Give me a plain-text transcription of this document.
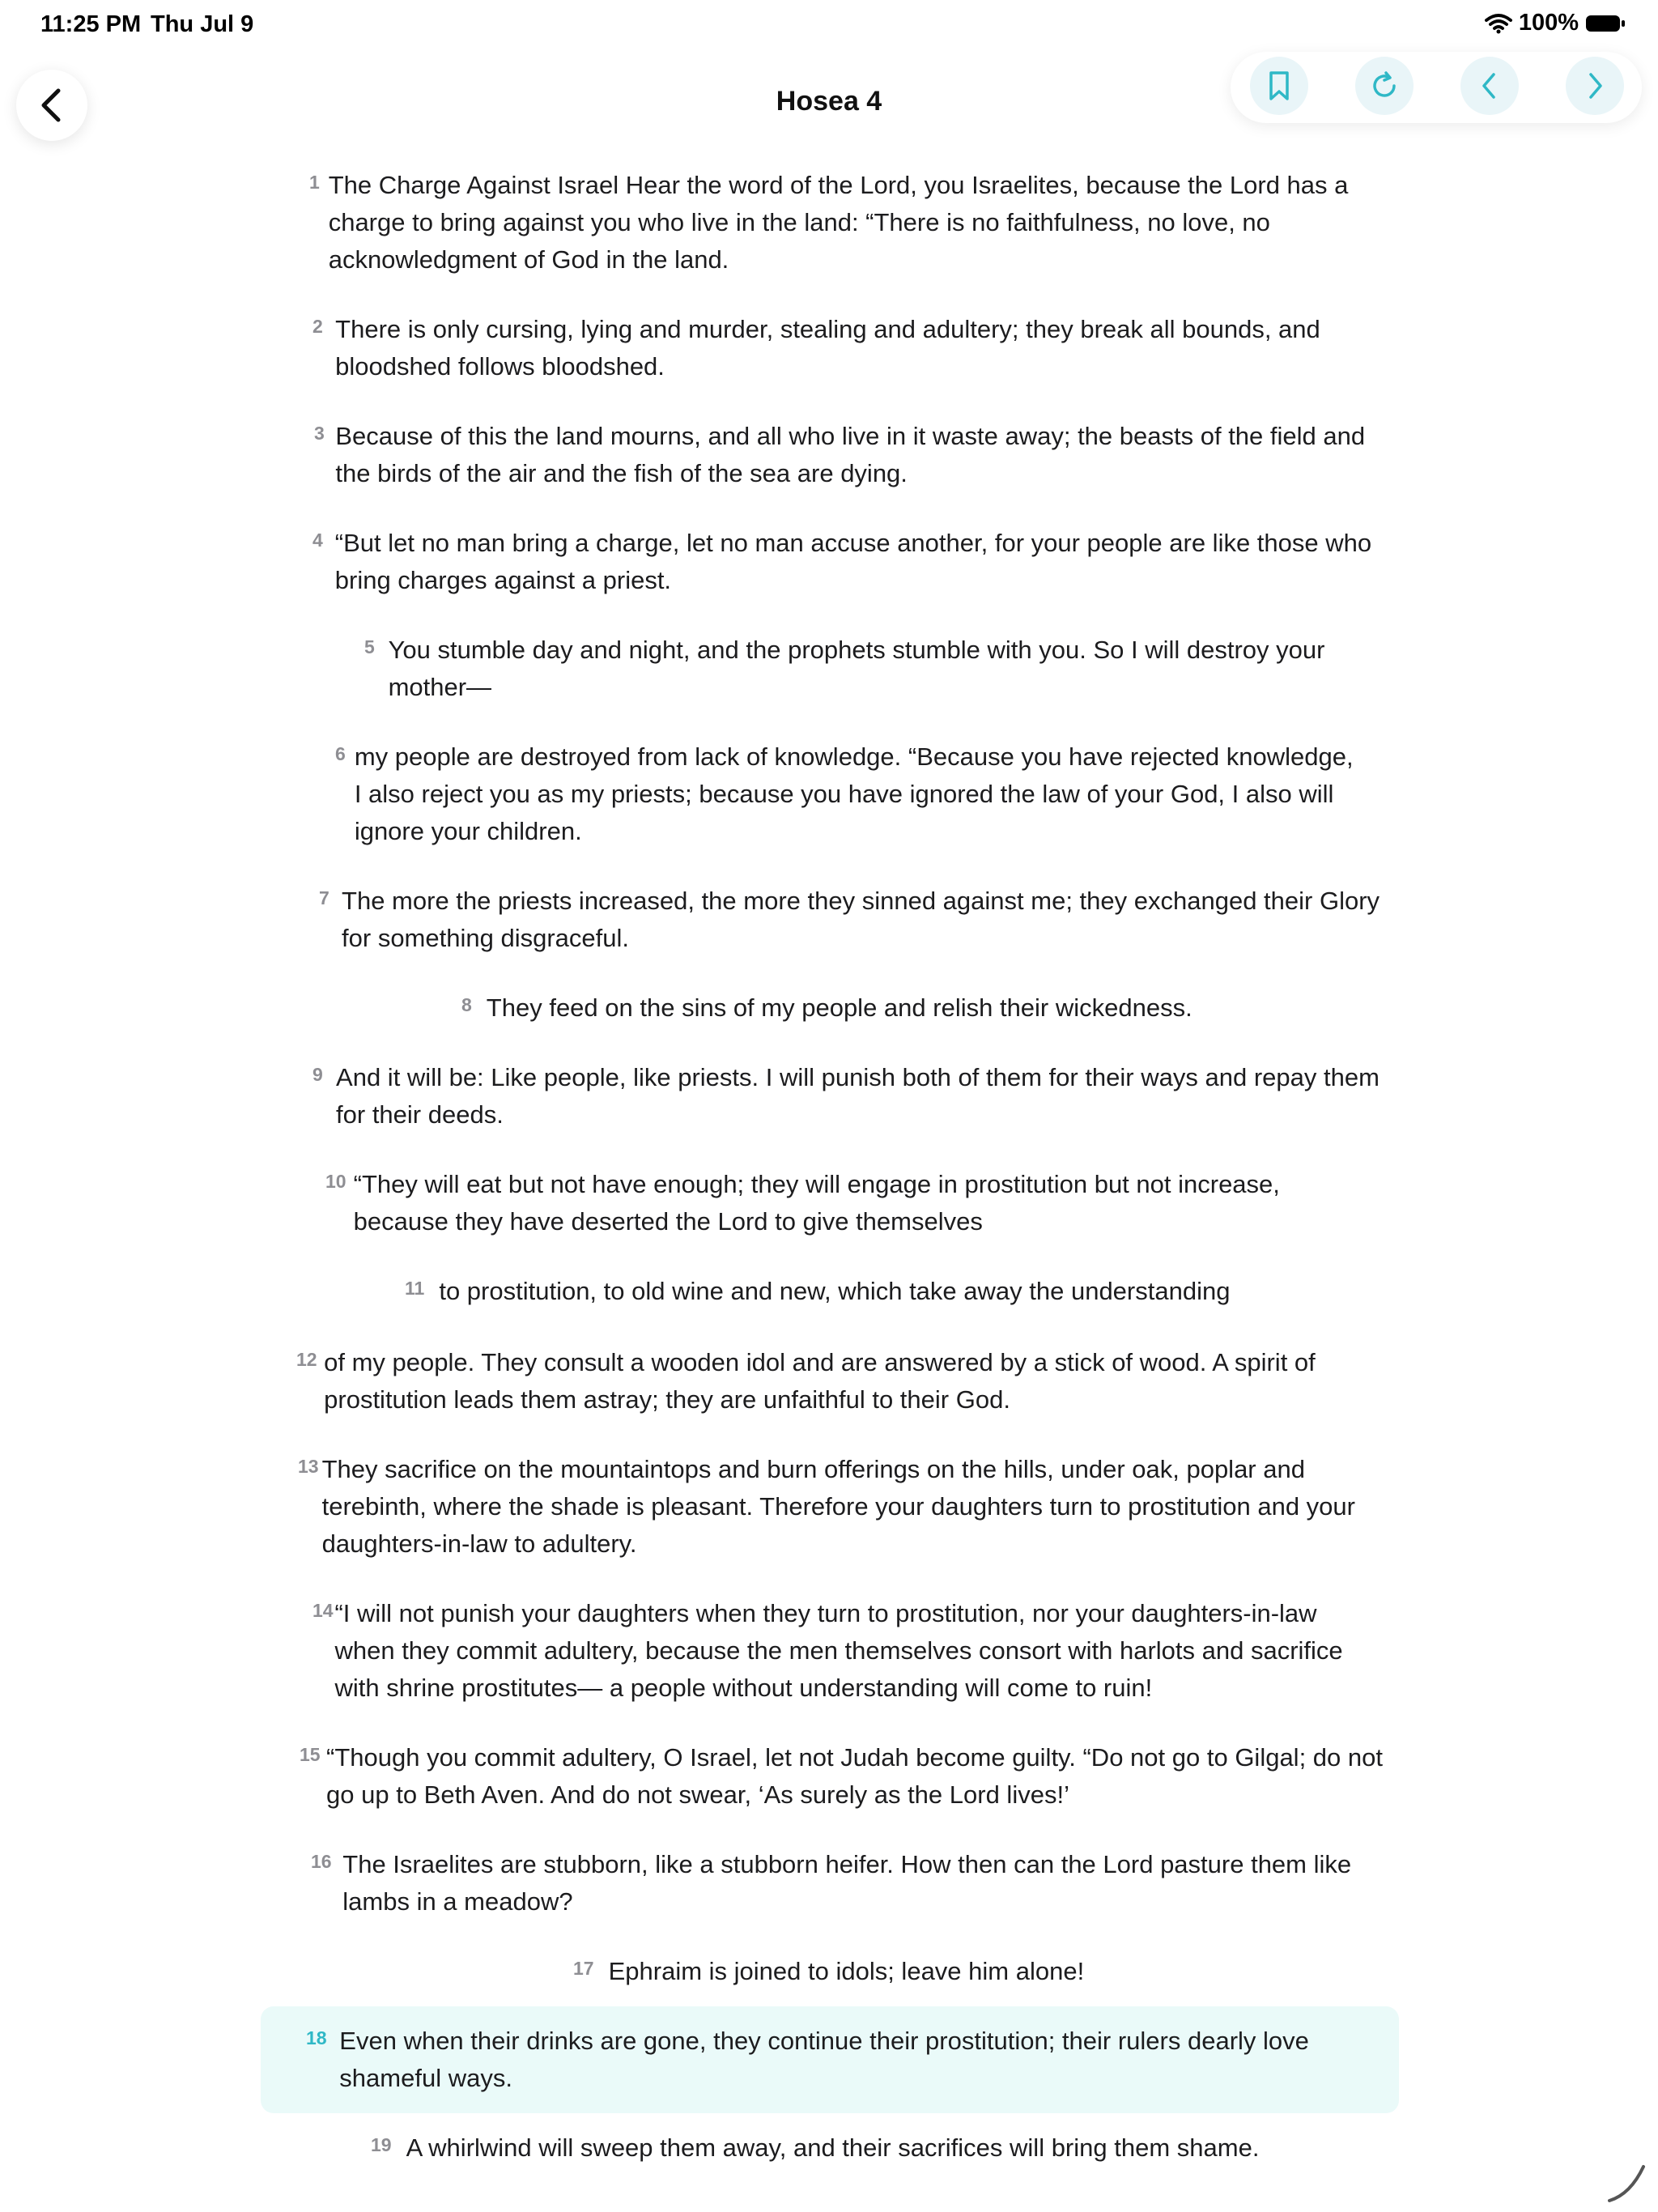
11:25 PM Thu Jul 9	100%
Hosea 4
1 The Charge Against Israel Hear the word of the Lord, you Israelites, because the Lord has a charge to bring against you who live in the land: “There is no faithfulness, no love, no acknowledgment of God in the land.
2 There is only cursing, lying and murder, stealing and adultery; they break all bounds, and bloodshed follows bloodshed.
3 Because of this the land mourns, and all who live in it waste away; the beasts of the field and the birds of the air and the fish of the sea are dying.
4 “But let no man bring a charge, let no man accuse another, for your people are like those who bring charges against a priest.
5 You stumble day and night, and the prophets stumble with you. So I will destroy your mother—
6 my people are destroyed from lack of knowledge. “Because you have rejected knowledge, I also reject you as my priests; because you have ignored the law of your God, I also will ignore your children.
7 The more the priests increased, the more they sinned against me; they exchanged their Glory for something disgraceful.
8 They feed on the sins of my people and relish their wickedness.
9 And it will be: Like people, like priests. I will punish both of them for their ways and repay them for their deeds.
10 “They will eat but not have enough; they will engage in prostitution but not increase, because they have deserted the Lord to give themselves
11 to prostitution, to old wine and new, which take away the understanding
12 of my people. They consult a wooden idol and are answered by a stick of wood. A spirit of prostitution leads them astray; they are unfaithful to their God.
13 They sacrifice on the mountaintops and burn offerings on the hills, under oak, poplar and terebinth, where the shade is pleasant. Therefore your daughters turn to prostitution and your daughters-in-law to adultery.
14 “I will not punish your daughters when they turn to prostitution, nor your daughters-in-law when they commit adultery, because the men themselves consort with harlots and sacrifice with shrine prostitutes— a people without understanding will come to ruin!
15 “Though you commit adultery, O Israel, let not Judah become guilty. “Do not go to Gilgal; do not go up to Beth Aven. And do not swear, ‘As surely as the Lord lives!’
16 The Israelites are stubborn, like a stubborn heifer. How then can the Lord pasture them like lambs in a meadow?
17 Ephraim is joined to idols; leave him alone!
18 Even when their drinks are gone, they continue their prostitution; their rulers dearly love shameful ways.
19 A whirlwind will sweep them away, and their sacrifices will bring them shame.
